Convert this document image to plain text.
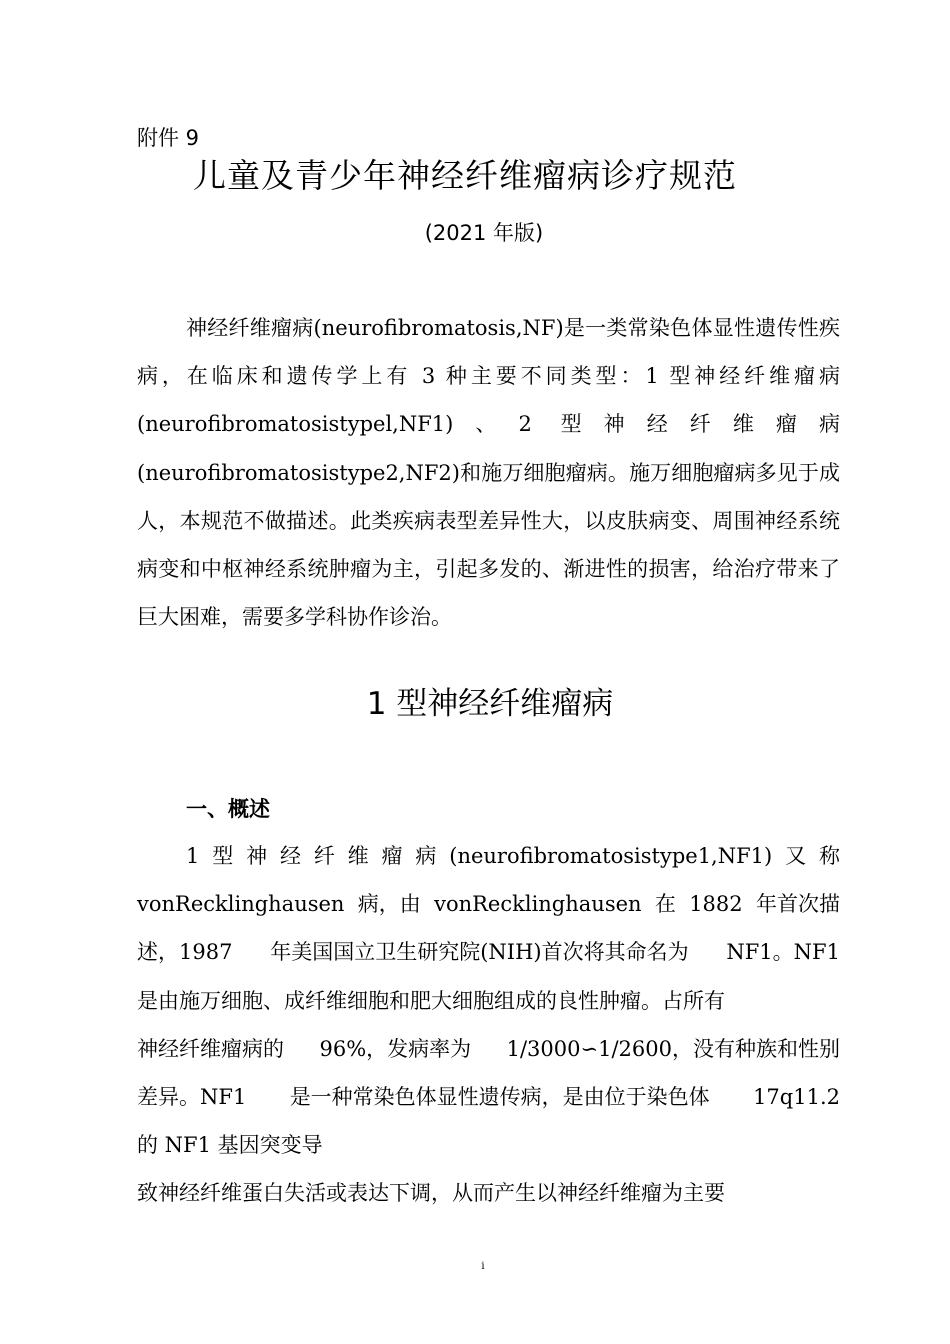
附件 9
儿童及青少年神经纤维瘤病诊疗规范
(2021 年版)
神经纤维瘤病(neurofibromatosis,NF)是一类常染色体显性遗传性疾病，在临床和遗传学上有 3 种主要不同类型：1 型神经纤维瘤病(neurofibromatosistypel,NF1)、2 型神经纤维瘤病(neurofibromatosistype2,NF2)和施万细胞瘤病。施万细胞瘤病多见于成人，本规范不做描述。此类疾病表型差异性大，以皮肤病变、周围神经系统病变和中枢神经系统肿瘤为主，引起多发的、渐进性的损害，给治疗带来了巨大困难，需要多学科协作诊治。
1 型神经纤维瘤病
一、概述
1 型 神 经 纤 维 瘤 病 (neurofibromatosistype1,NF1) 又 称
vonRecklinghausen 病，由 vonRecklinghausen 在 1882 年首次描
述，1987 年美国国立卫生研究院(NIH)首次将其命名为 NF1。NF1
是由施万细胞、成纤维细胞和肥大细胞组成的良性肿瘤。占所有
神经纤维瘤病的 96%，发病率为 1/3000∽1/2600，没有种族和性别
差异。NF1 是一种常染色体显性遗传病，是由位于染色体 17q11.2
的 NF1 基因突变导
致神经纤维蛋白失活或表达下调，从而产生以神经纤维瘤为主要
i
